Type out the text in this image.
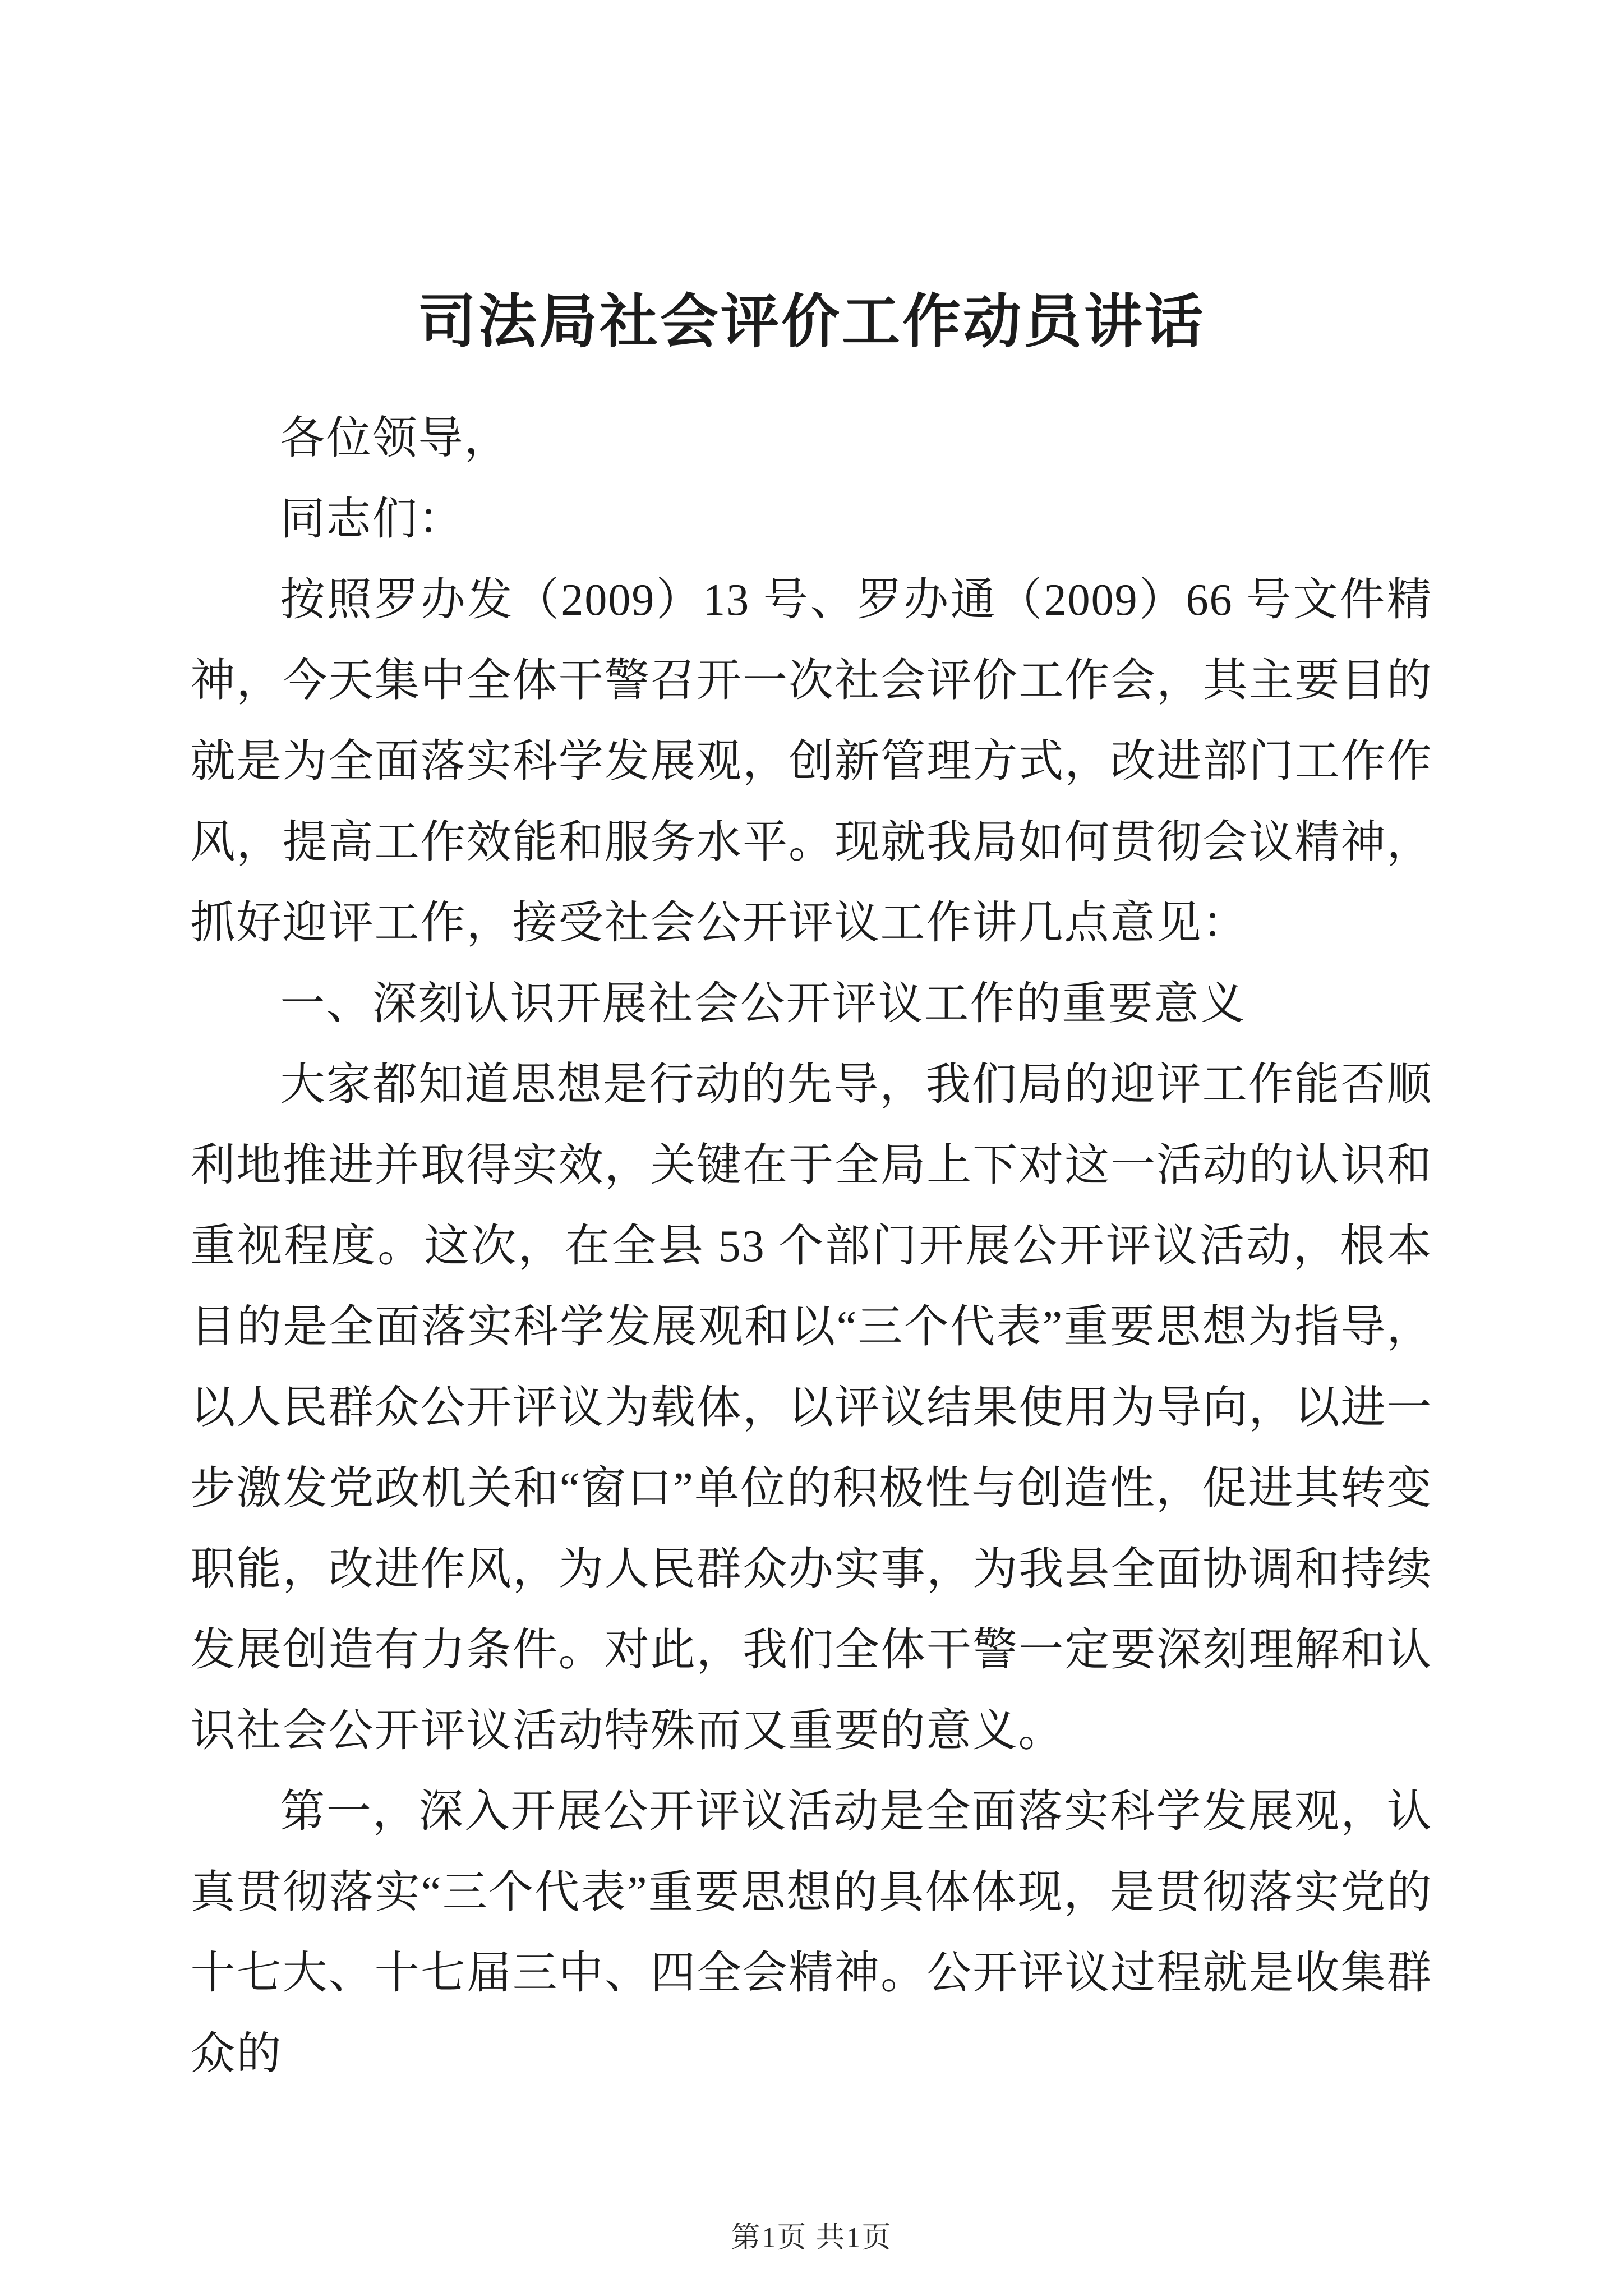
司法局社会评价工作动员讲话

各位领导，

同志们：

按照罗办发（2009）13 号、罗办通（2009）66 号文件精神，今天集中全体干警召开一次社会评价工作会，其主要目的就是为全面落实科学发展观，创新管理方式，改进部门工作作风，提高工作效能和服务水平。现就我局如何贯彻会议精神，抓好迎评工作，接受社会公开评议工作讲几点意见：

一、深刻认识开展社会公开评议工作的重要意义

大家都知道思想是行动的先导，我们局的迎评工作能否顺利地推进并取得实效，关键在于全局上下对这一活动的认识和重视程度。这次，在全县 53 个部门开展公开评议活动，根本目的是全面落实科学发展观和以“三个代表”重要思想为指导，以人民群众公开评议为载体，以评议结果使用为导向，以进一步激发党政机关和“窗口”单位的积极性与创造性，促进其转变职能，改进作风，为人民群众办实事，为我县全面协调和持续发展创造有力条件。对此，我们全体干警一定要深刻理解和认识社会公开评议活动特殊而又重要的意义。

第一，深入开展公开评议活动是全面落实科学发展观，认真贯彻落实“三个代表”重要思想的具体体现，是贯彻落实党的十七大、十七届三中、四全会精神。公开评议过程就是收集群众的

第1页 共1页
